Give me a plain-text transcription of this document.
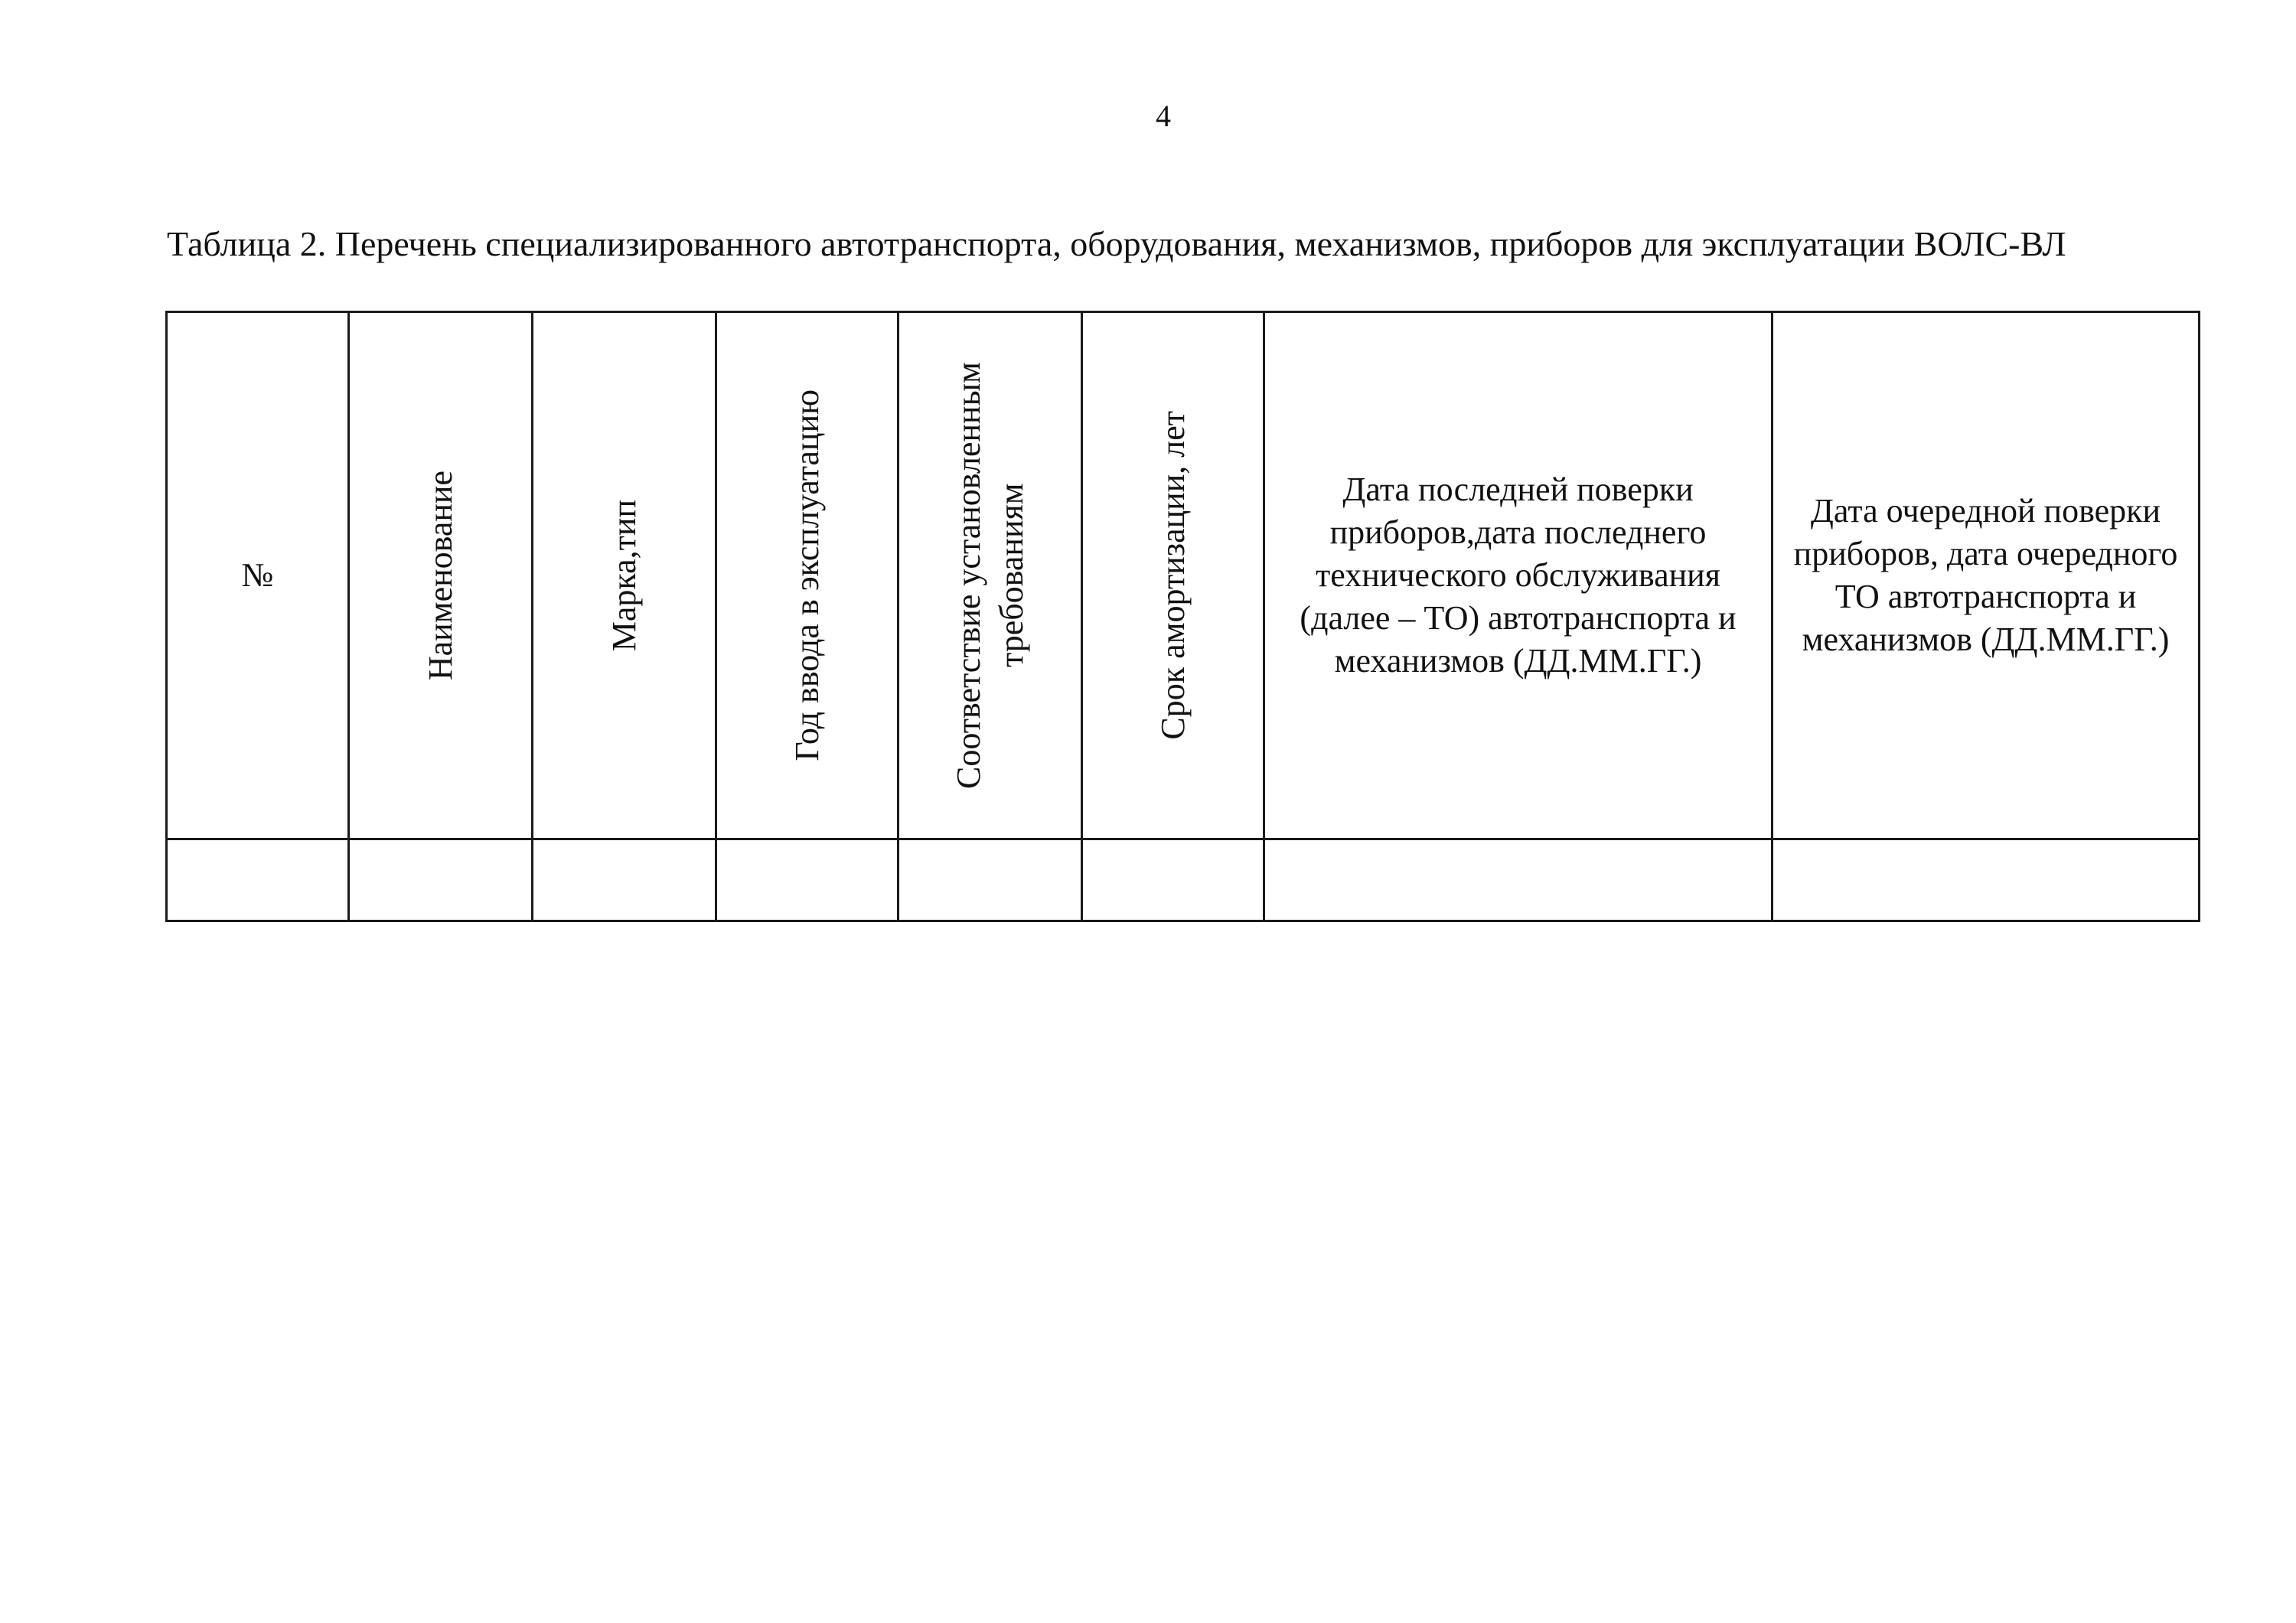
4
Таблица 2. Перечень специализированного автотранспорта, оборудования, механизмов, приборов для эксплуатации ВОЛС-ВЛ
№	Наименование	Марка,тип	Год ввода в эксплуатацию	Соответствие установленным требованиям	Срок амортизации, лет	Дата последней поверки приборов,дата последнего технического обслуживания (далее – ТО) автотранспорта и механизмов (ДД.ММ.ГГ.)	Дата очередной поверки приборов, дата очередного ТО автотранспорта и механизмов (ДД.ММ.ГГ.)
